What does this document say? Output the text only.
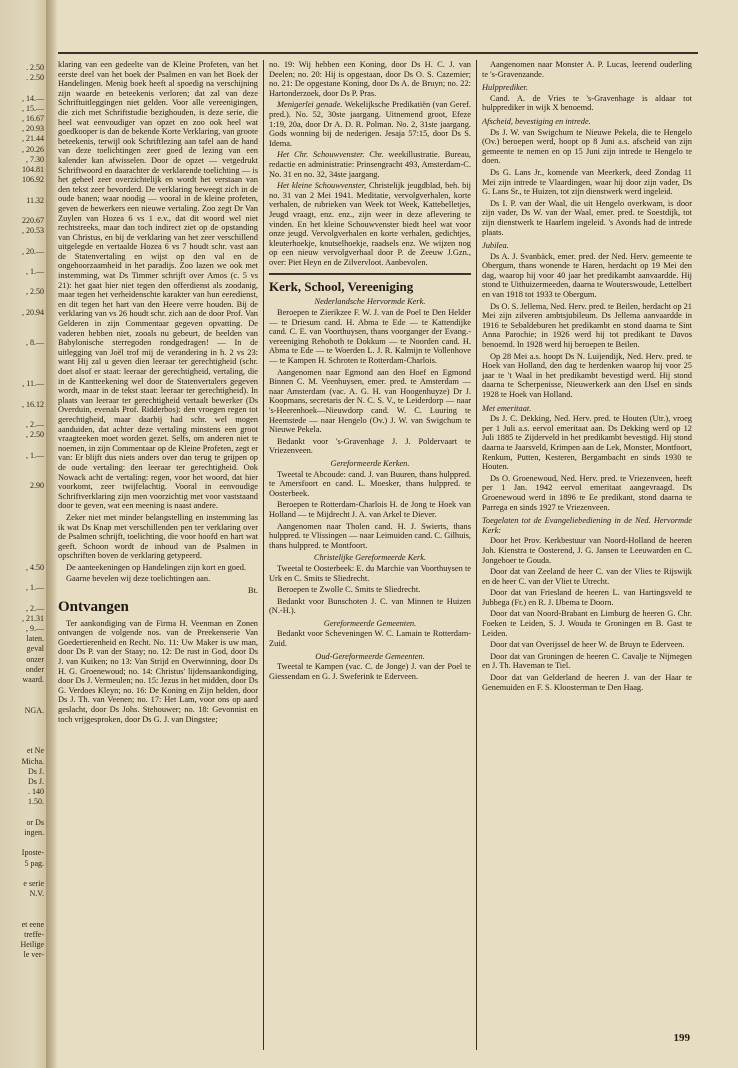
. 2.50
. 2.50
, 14.—
, 15.—
, 16.67
, 20.93
, 21.44
, 20.26
, 7.30
104.81
106.92
11.32
220.67
, 20.53
, 20.—
, 1.—
, 2.50
, 20.94
, 8.—
, 11.—
, 16.12
, 2.—
, 2.50
, 1.—
2.90
, 4.50
, 1.—
, 2.—
, 21.31
, 9.—
laten.
geval
onzer
onder
waard.
NGA.
et Ne
Micha.
Ds J.
Ds J.
. 140
1.50.
or Ds
ingen.
Iposte-
5 pag.
e serie
N.V.
et eene
treffe-
Heilige
le ver-

klaring van een gedeelte van de Kleine Profeten, van het eerste deel van het boek der Psalmen en van het Boek der Handelingen. Menig boek heeft al spoedig na verschijning zijn waarde en beteekenis verloren; dat zal van deze Schriftuitleggingen niet gelden. Voor alle vereenigingen, die zich met Schriftstudie bezighouden, is deze serie, die heel wat eenvoudiger van opzet en zoo ook heel wat goedkooper is dan de bekende Korte Verklaring, van groote beteekenis, terwijl ook Schriftlezing aan tafel aan de hand van deze toelichtingen zeer goed de lezing van een kalender kan afwisselen. Door de opzet — vetgedrukt Schriftwoord en daarachter de verklarende toelichting — is het geheel zeer overzichtelijk en wordt het verstaan van den tekst zeer bevorderd. De verklaring beweegt zich in de oude banen; waar noodig — vooral in de kleine profeten, geven de bewerkers een nieuwe vertaling. Zoo zegt Dr Van Zuylen van Hozea 6 vs 1 e.v., dat dit woord wel niet rechtstreeks, maar dan toch indirect ziet op de opstanding van Christus, en bij de verklaring van het zeer verschillend uitgelegde en vertaalde Hozea 6 vs 7 houdt schr. vast aan de Statenvertaling en wijst op den val en de ongehoorzaamheid in het paradijs. Zoo lazen we ook met instemming, wat Ds Timmer schrijft over Amos (c. 5 vs 21): het gaat hier niet tegen den offerdienst als zoodanig, maar tegen het verheidenschte karakter van hun eeredienst, en dit tegen het hart van den Heere verre houden. Bij de verklaring van vs 26 houdt schr. zich aan de door Prof. Van Gelderen in zijn Commentaar gegeven opvatting. De vaderen hebben niet, zooals nu gebeurt, de beelden van Babylonische sterregoden rondgedragen! — In de uitlegging van Joël trof mij de verandering in h. 2 vs 23: want Hij zal u geven dien leeraar ter gerechtigheid (schr. doet alsof er staat: leeraar der gerechtigheid, vertaling, die in de Kantteekening wel door de Statenvertalers gegeven wordt, maar in de tekst staat: leeraar ter gerechtigheid). In plaats van leeraar ter gerechtigheid vertaalt bewerker (Ds Overduin, evenals Prof. Ridderbos): den vroegen regen tot gerechtigheid, maar daarbij had schr. wel mogen aanduiden, dat achter deze vertaling minstens een groot vraagteeken moet worden gezet. Selfs, om anderen niet te noemen, in zijn Commentaar op de Kleine Profeten, zegt er van: Er blijft dus niets anders over dan terug te grijpen op de oude vertaling: den leeraar ter gerechtigheid. Ook Nowack acht de vertaling: regen, voor het woord, dat hier voorkomt, zeer twijfelachtig. Vooral in eenvoudige Schriftverklaring zijn men voorzichtig met voor vaststaand door te geven, wat een meening is naast andere.

Zeker niet met minder belangstelling en instemming las ik wat Ds Knap met verschillenden pen ter verklaring over de Psalmen schrijft, toelichting, die voor hoofd en hart wat geeft. Schoon wordt de inhoud van de Psalmen in opschriften boven de verklaring getypeerd.

De aanteekeningen op Handelingen zijn kort en goed.

Gaarne bevelen wij deze toelichtingen aan.

Bt.

Ontvangen

Ter aankondiging van de Firma H. Veenman en Zonen ontvangen de volgende nos. van de Preekenserie Van Goedertierenheid en Recht. No. 11: Uw Maker is uw man, door Ds P. van der Staay; no. 12: De rust in God, door Ds J. van Kuiken; no 13: Van Strijd en Overwinning, door Ds H. G. Groenewoud; no. 14: Christus' lijdensaankondiging, door Ds J. Vermeulen; no. 15: Jezus in het midden, door Ds G. Verdoes Kleyn; no. 16: De Koning en Zijn helden, door Ds J. Th. van Veenen; no. 17: Het Lam, voor ons op aard geslacht, door Ds Johs. Stehouwer; no. 18: Gevonnist en toch vrijgesproken, door Ds G. J. van Dingstee;

no. 19: Wij hebben een Koning, door Ds H. C. J. van Deelen; no. 20: Hij is opgestaan, door Ds O. S. Cazemier; no. 21: De opgestane Koning, door Ds A. de Bruyn; no. 22: Hartonderzoek, door Ds P. Pras.

Menigerlei genade. Wekelijksche Predikatiën (van Geref. pred.). No. 52, 30ste jaargang. Uitnemend groot, Efeze 1:19, 20a, door Dr A. D. R. Polman. No. 2, 31ste jaargang. Gods wonning bij de nederigen. Jesaja 57:15, door Ds S. Idema.

Het Chr. Schouwvenster. Chr. weekillustratie. Bureau, redactie en administratie: Prinsengracht 493, Amsterdam-C. No. 31 en no. 32, 34ste jaargang.

Het kleine Schouwvenster, Christelijk jeugdblad, beh. bij no. 31 van 2 Mei 1941. Meditatie, vervolgverhalen, korte verhalen, de rubrieken van Week tot Week, Kattebelletjes, Jeugd vraagt, enz. enz., zijn weer in deze aflevering te vinden. En het kleine Schouwvenster biedt heel wat voor onze jeugd. Vervolgverhalen en korte verhalen, gedichtjes, kleuterhoekje, knutselhoekje, raadsels enz. We wijzen nog op een nieuw vervolgverhaal door P. de Zeeuw J.Gzn., over: Piet Heyn en de Zilvervloot. Aanbevolen.

Kerk, School, Vereeniging

Nederlandsche Hervormde Kerk.

Beroepen te Zierikzee F. W. J. van de Poel te Den Helder — te Driesum cand. H. Abma te Ede — te Kattendijke cand. C. E. van Voorthuysen, thans voorganger der Evang.-vereeniging Rehoboth te Dokkum — te Noorden cand. H. Abma te Ede — te Woerden L. J. R. Kalmijn te Vollenhove — te Kampen H. Schroten te Rotterdam-Charlois.

Aangenomen naar Egmond aan den Hoef en Egmond Binnen C. M. Veenhuysen, emer. pred. te Amsterdam — naar Amsterdam (vac. A. G. H. van Hoogenhuyze) Dr J. Koopmans, secretaris der N. C. S. V., te Leiderdorp — naar 's-Heerenhoek—Nieuwdorp cand. W. C. Luuring te Heemstede — naar Hengelo (Ov.) J. W. van Swigchum te Nieuwe Pekela.

Bedankt voor 's-Gravenhage J. J. Poldervaart te Vriezenveen.

Gereformeerde Kerken.

Tweetal te Abcoude: cand. J. van Buuren, thans hulppred. te Amersfoort en cand. L. Moesker, thans hulppred. te Oosterbeek.

Beroepen te Rotterdam-Charlois H. de Jong te Hoek van Holland — te Mijdrecht J. A. van Arkel te Diever.

Aangenomen naar Tholen cand. H. J. Swierts, thans hulppred. te Vlissingen — naar Leimuiden cand. C. Gilhuis, thans hulppred. te Montfoort.

Christelijke Gereformeerde Kerk.

Tweetal te Oosterbeek: E. du Marchie van Voorthuysen te Urk en C. Smits te Sliedrecht.

Beroepen te Zwolle C. Smits te Sliedrecht.

Bedankt voor Bunschoten J. C. van Minnen te Huizen (N.-H.).

Gereformeerde Gemeenten.

Bedankt voor Scheveningen W. C. Lamain te Rotterdam-Zuid.

Oud-Gereformeerde Gemeenten.

Tweetal te Kampen (vac. C. de Jonge) J. van der Poel te Giessendam en G. J. Sweferink te Ederveen.

Aangenomen naar Monster A. P. Lucas, leerend ouderling te 's-Gravenzande.

Hulpprediker.

Cand. A. de Vries te 's-Gravenhage is aldaar tot hulpprediker in wijk X benoemd.

Afscheid, bevestiging en intrede.

Ds J. W. van Swigchum te Nieuwe Pekela, die te Hengelo (Ov.) beroepen werd, hoopt op 8 Juni a.s. afscheid van zijn gemeente te nemen en op 15 Juni zijn intrede te Hengelo te doen.

Ds G. Lans Jr., komende van Meerkerk, deed Zondag 11 Mei zijn intrede te Vlaardingen, waar hij door zijn vader, Ds G. Lans Sr., te Huizen, tot zijn dienstwerk werd ingeleid.

Ds I. P. van der Waal, die uit Hengelo overkwam, is door zijn vader, Ds W. van der Waal, emer. pred. te Soestdijk, tot zijn dienstwerk te Haarlem ingeleid. 's Avonds had de intrede plaats.

Jubilea.

Ds A. J. Svanbäck, emer. pred. der Ned. Herv. gemeente te Obergum, thans wonende te Haren, herdacht op 19 Mei den dag, waarop hij voor 40 jaar het predikambt aanvaardde. Hij stond te Uithuizermeeden, daarna te Wouterswoude, Lettelbert en van 1918 tot 1933 te Obergum.

Ds O. S. Jellema, Ned. Herv. pred. te Beilen, herdacht op 21 Mei zijn zilveren ambtsjubileum. Ds Jellema aanvaardde in 1916 te Sebaldeburen het predikambt en stond daarna te Sint Anna Parochie; in 1926 werd hij tot predikant te Davos benoemd. In 1928 werd hij beroepen te Beilen.

Op 28 Mei a.s. hoopt Ds N. Luijendijk, Ned. Herv. pred. te Hoek van Holland, den dag te herdenken waarop hij voor 25 jaar te 't Waal in het predikambt bevestigd werd. Hij stond daarna te Scherpenisse, Nieuwerkerk aan den IJsel en sinds 1928 te Hoek van Holland.

Met emeritaat.

Ds J. C. Dekking, Ned. Herv. pred. te Houten (Utr.), vroeg per 1 Juli a.s. eervol emeritaat aan. Ds Dekking werd op 12 Juli 1885 te Zijderveld in het predikambt bevestigd. Hij stond daarna te Jaarsveld, Krimpen aan de Lek, Monster, Montfoort, Renkum, Putten, Kesteren, Bergambacht en sinds 1930 te Houten.

Ds O. Groenewoud, Ned. Herv. pred. te Vriezenveen, heeft per 1 Jan. 1942 eervol emeritaat aangevraagd. Ds Groenewoud werd in 1896 te Ee predikant, stond daarna te Parrega en sinds 1927 te Vriezenveen.

Toegelaten tot de Evangeliebediening in de Ned. Hervormde Kerk:

Door het Prov. Kerkbestuur van Noord-Holland de heeren Joh. Kienstra te Oosterend, J. G. Jansen te Leeuwarden en C. Jongeboer te Gouda.

Door dat van Zeeland de heer C. van der Vlies te Rijswijk en de heer C. van der Vliet te Utrecht.

Door dat van Friesland de heeren L. van Hartingsveld te Jubbega (Fr.) en R. J. IJbema te Doorn.

Door dat van Noord-Brabant en Limburg de heeren G. Chr. Foeken te Leiden, S. J. Wouda te Groningen en B. Gast te Leiden.

Door dat van Overijssel de heer W. de Bruyn te Ederveen.

Door dat van Groningen de heeren C. Cavalje te Nijmegen en J. Th. Haveman te Tiel.

Door dat van Gelderland de heeren J. van der Haar te Genemuiden en F. S. Kloosterman te Den Haag.

199
